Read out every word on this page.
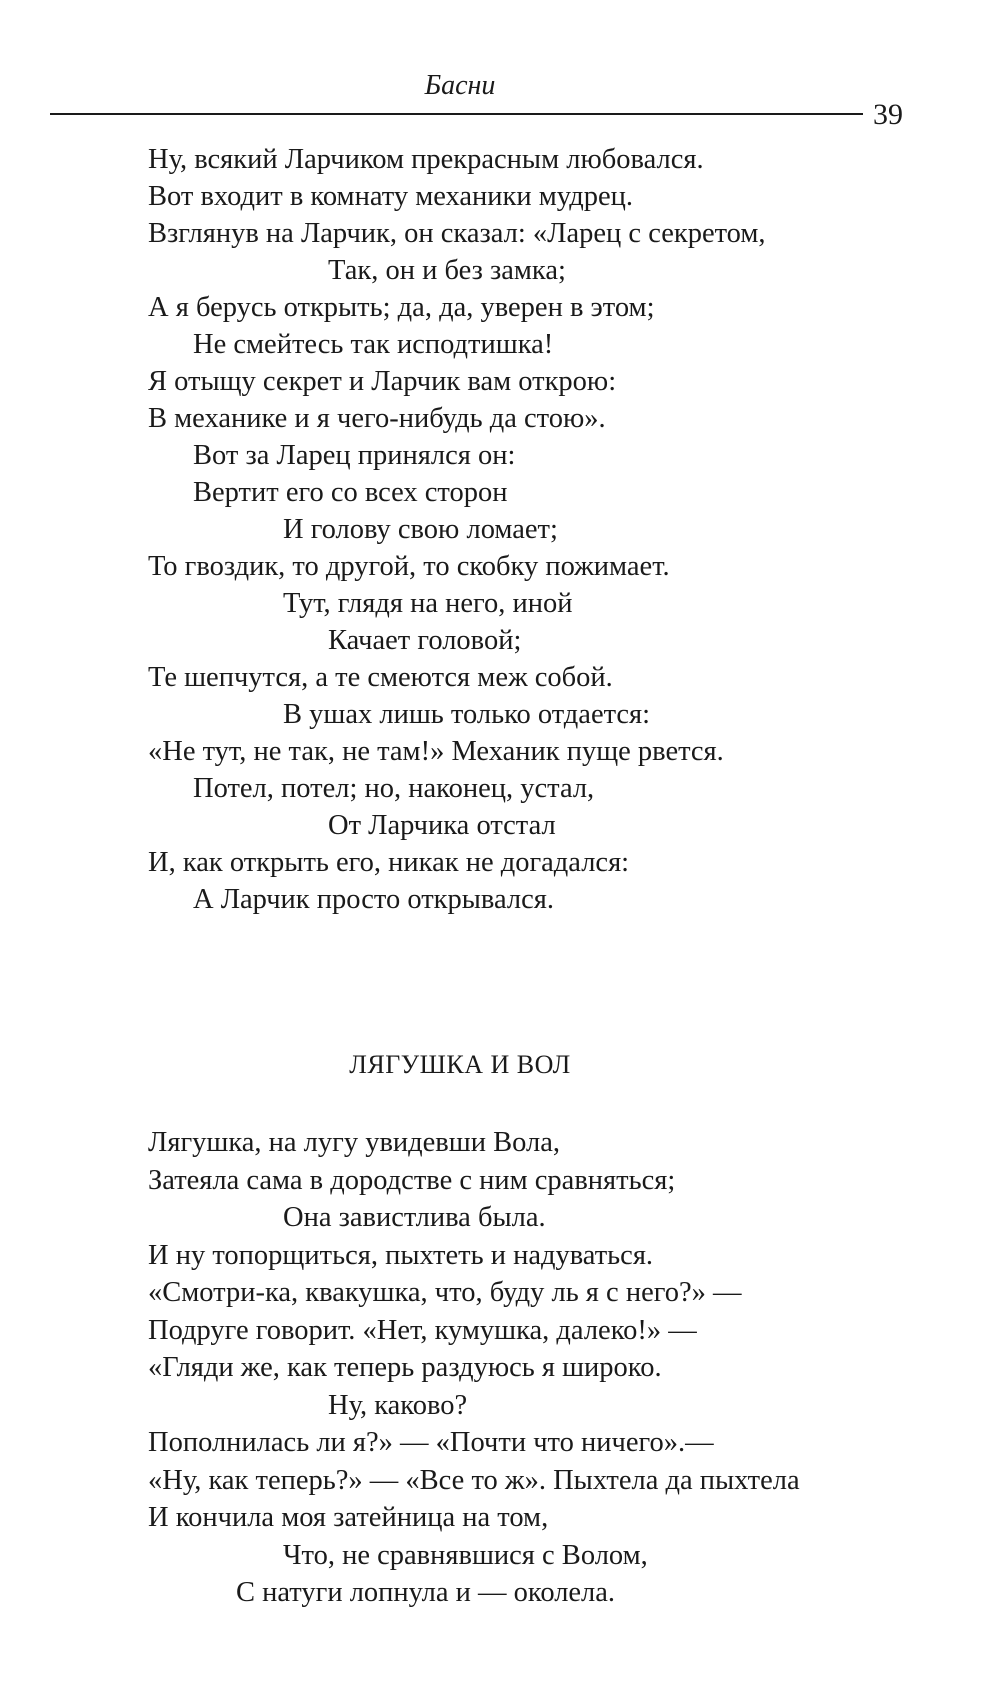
Басни
39
Ну, всякий Ларчиком прекрасным любовался.
Вот входит в комнату механики мудрец.
Взглянув на Ларчик, он сказал: «Ларец с секретом,
Так, он и без замка;
А я берусь открыть; да, да, уверен в этом;
Не смейтесь так исподтишка!
Я отыщу секрет и Ларчик вам открою:
В механике и я чего-нибудь да стою».
Вот за Ларец принялся он:
Вертит его со всех сторон
И голову свою ломает;
То гвоздик, то другой, то скобку пожимает.
Тут, глядя на него, иной
Качает головой;
Те шепчутся, а те смеются меж собой.
В ушах лишь только отдается:
«Не тут, не так, не там!» Механик пуще рвется.
Потел, потел; но, наконец, устал,
От Ларчика отстал
И, как открыть его, никак не догадался:
А Ларчик просто открывался.
ЛЯГУШКА И ВОЛ
Лягушка, на лугу увидевши Вола,
Затеяла сама в дородстве с ним сравняться;
Она завистлива была.
И ну топорщиться, пыхтеть и надуваться.
«Смотри-ка, квакушка, что, буду ль я с него?» —
Подруге говорит. «Нет, кумушка, далеко!» —
«Гляди же, как теперь раздуюсь я широко.
Ну, каково?
Пополнилась ли я?» — «Почти что ничего».—
«Ну, как теперь?» — «Все то ж». Пыхтела да пыхтела
И кончила моя затейница на том,
Что, не сравнявшися с Волом,
С натуги лопнула и — околела.
